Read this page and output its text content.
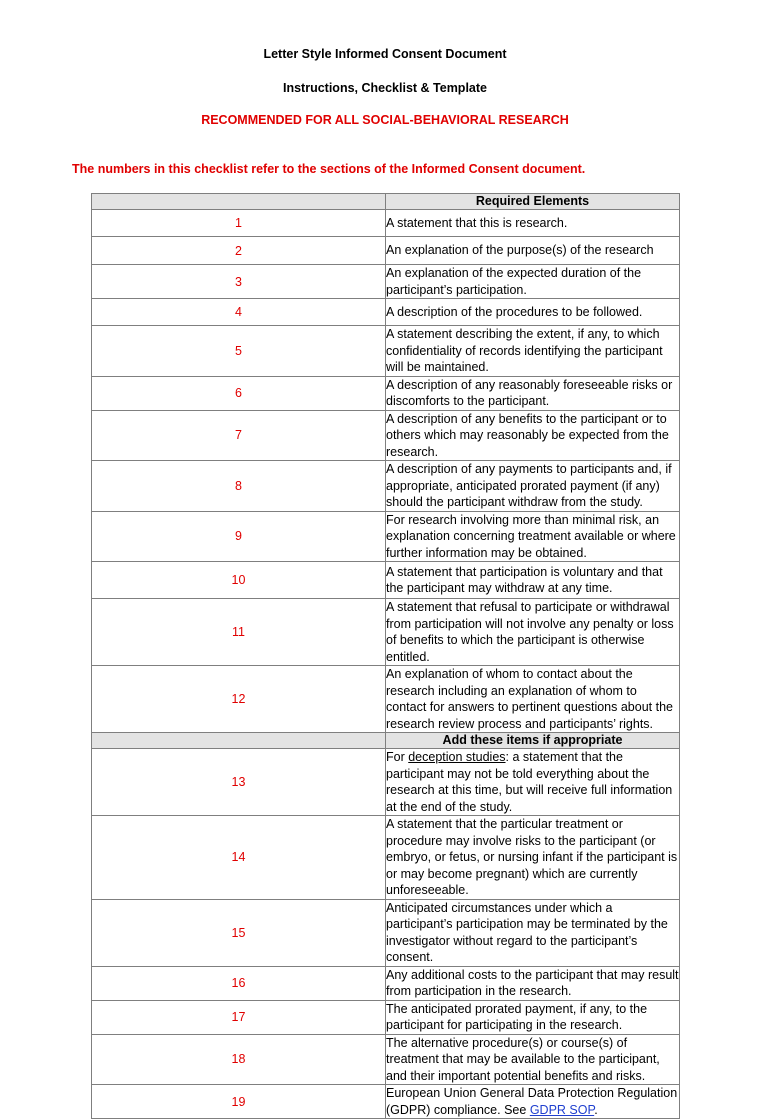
Letter Style Informed Consent Document
Instructions, Checklist & Template
RECOMMENDED FOR ALL SOCIAL-BEHAVIORAL RESEARCH
The numbers in this checklist refer to the sections of the Informed Consent document.
	Required Elements
1	A statement that this is research.
2	An explanation of the purpose(s) of the research
3	An explanation of the expected duration of the participant’s participation.
4	A description of the procedures to be followed.
5	A statement describing the extent, if any, to which confidentiality of records identifying the participant will be maintained.
6	A description of any reasonably foreseeable risks or discomforts to the participant.
7	A description of any benefits to the participant or to others which may reasonably be expected from the research.
8	A description of any payments to participants and, if appropriate, anticipated prorated payment (if any) should the participant withdraw from the study.
9	For research involving more than minimal risk, an explanation concerning treatment available or where further information may be obtained.
10	A statement that participation is voluntary and that the participant may withdraw at any time.
11	A statement that refusal to participate or withdrawal from participation will not involve any penalty or loss of benefits to which the participant is otherwise entitled.
12	An explanation of whom to contact about the research including an explanation of whom to contact for answers to pertinent questions about the research review process and participants’ rights.
	Add these items if appropriate
13	For deception studies: a statement that the participant may not be told everything about the research at this time, but will receive full information at the end of the study.
14	A statement that the particular treatment or procedure may involve risks to the participant (or embryo, or fetus, or nursing infant if the participant is or may become pregnant) which are currently unforeseeable.
15	Anticipated circumstances under which a participant’s participation may be terminated by the investigator without regard to the participant’s consent.
16	Any additional costs to the participant that may result from participation in the research.
17	The anticipated prorated payment, if any, to the participant for participating in the research.
18	The alternative procedure(s) or course(s) of treatment that may be available to the participant, and their important potential benefits and risks.
19	European Union General Data Protection Regulation (GDPR) compliance. See GDPR SOP.
